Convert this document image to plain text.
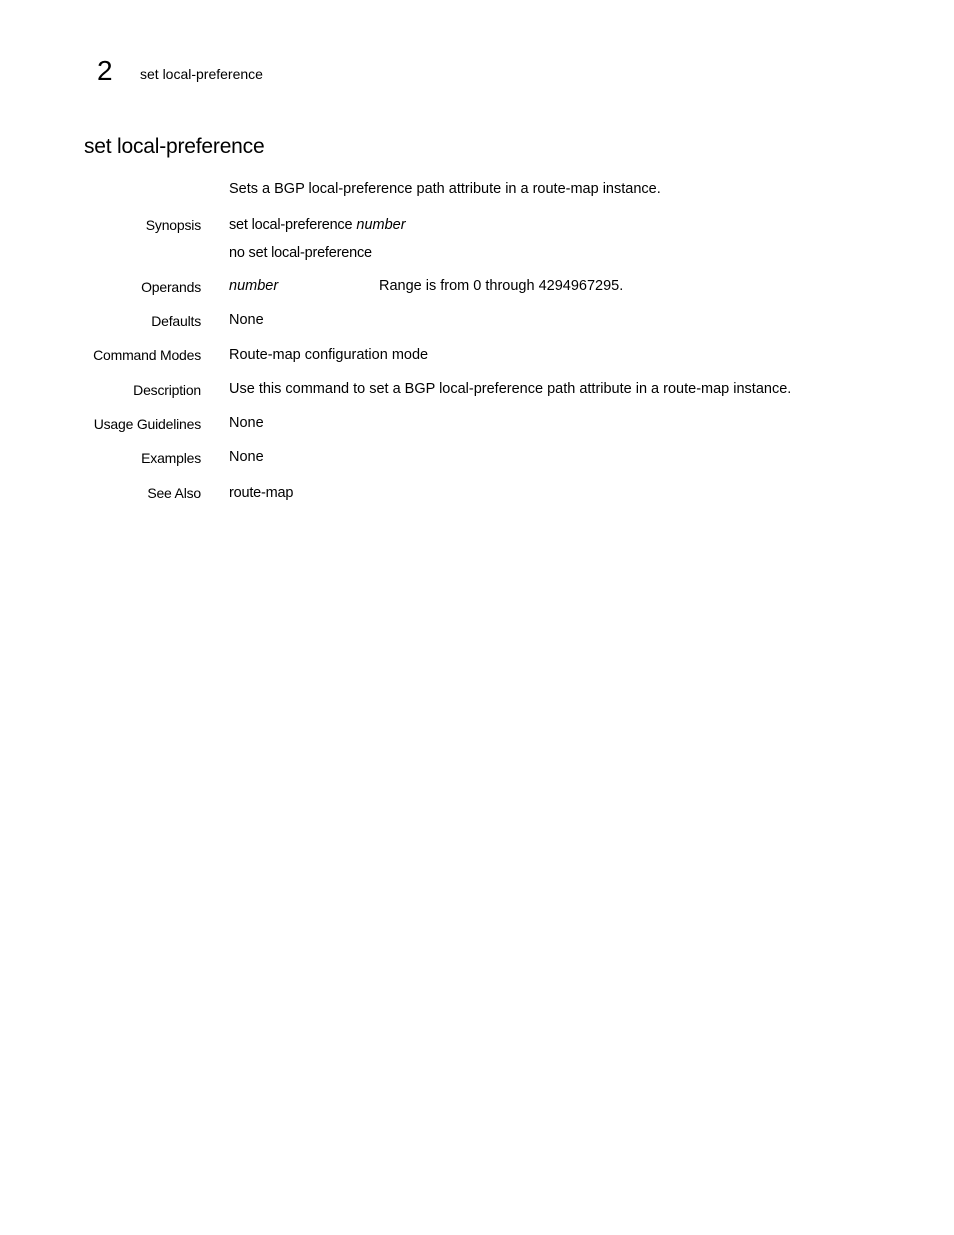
2 set local-preference
set local-preference
Sets a BGP local-preference path attribute in a route-map instance.
Synopsis set local-preference number
no set local-preference
Operands number	Range is from 0 through 4294967295.
Defaults None
Command Modes Route-map configuration mode
Description Use this command to set a BGP local-preference path attribute in a route-map instance.
Usage Guidelines None
Examples None
See Also route-map
